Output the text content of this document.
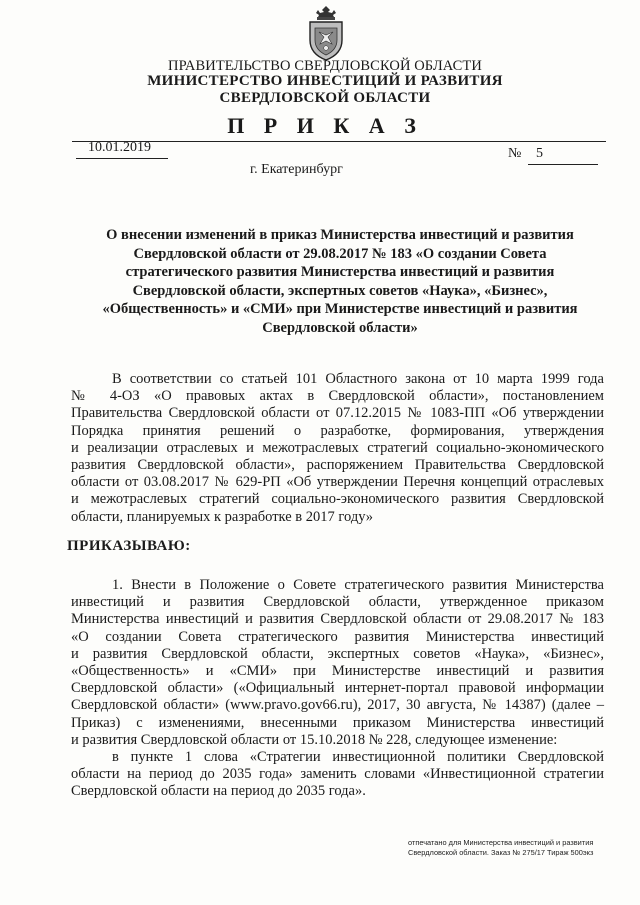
ПРАВИТЕЛЬСТВО СВЕРДЛОВСКОЙ ОБЛАСТИ
МИНИСТЕРСТВО ИНВЕСТИЦИЙ И РАЗВИТИЯ
СВЕРДЛОВСКОЙ ОБЛАСТИ
П Р И К А З
10.01.2019	№ 5
г. Екатеринбург
О внесении изменений в приказ Министерства инвестиций и развития
Свердловской области от 29.08.2017 № 183 «О создании Совета
стратегического развития Министерства инвестиций и развития
Свердловской области, экспертных советов «Наука», «Бизнес»,
«Общественность» и «СМИ» при Министерстве инвестиций и развития
Свердловской области»
В соответствии со статьей 101 Областного закона от 10 марта 1999 года
№ 4-ОЗ «О правовых актах в Свердловской области», постановлением
Правительства Свердловской области от 07.12.2015 № 1083-ПП «Об утверждении
Порядка принятия решений о разработке, формирования, утверждения
и реализации отраслевых и межотраслевых стратегий социально-экономического
развития Свердловской области», распоряжением Правительства Свердловской
области от 03.08.2017 № 629-РП «Об утверждении Перечня концепций отраслевых
и межотраслевых стратегий социально-экономического развития Свердловской
области, планируемых к разработке в 2017 году»
ПРИКАЗЫВАЮ:
1. Внести в Положение о Совете стратегического развития Министерства
инвестиций и развития Свердловской области, утвержденное приказом
Министерства инвестиций и развития Свердловской области от 29.08.2017 № 183
«О создании Совета стратегического развития Министерства инвестиций
и развития Свердловской области, экспертных советов «Наука», «Бизнес»,
«Общественность» и «СМИ» при Министерстве инвестиций и развития
Свердловской области» («Официальный интернет-портал правовой информации
Свердловской области» (www.pravo.gov66.ru), 2017, 30 августа, № 14387) (далее –
Приказ) с изменениями, внесенными приказом Министерства инвестиций
и развития Свердловской области от 15.10.2018 № 228, следующее изменение:
в пункте 1 слова «Стратегии инвестиционной политики Свердловской
области на период до 2035 года» заменить словами «Инвестиционной стратегии
Свердловской области на период до 2035 года».
отпечатано для Министерства инвестиций и развития
Свердловской области. Заказ № 275/17 Тираж 500экз
